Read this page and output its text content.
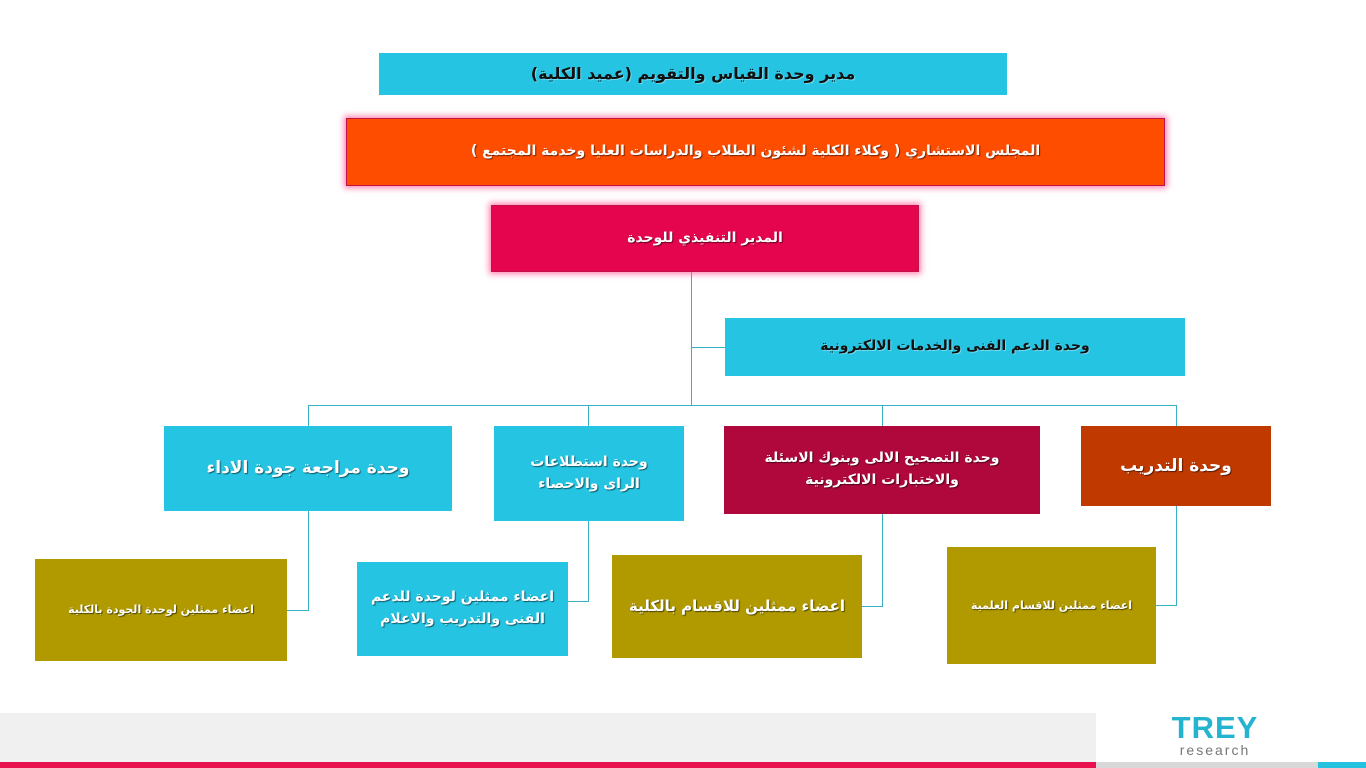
مدير وحدة القياس والتقويم (عميد الكلية)
المجلس الاستشاري ( وكلاء الكلية لشئون الطلاب والدراسات العليا وخدمة المجتمع )
المدير التنفيذي للوحدة
وحدة الدعم الفنى والخدمات الالكترونية
وحدة التدريب
وحدة التصحيح الالى وبنوك الاسئلة والاختبارات الالكترونية
وحدة استطلاعات الراى والاحصاء
وحدة مراجعة جودة الاداء
اعضاء ممثلين للاقسام العلمية
اعضاء ممثلين للاقسام بالكلية
اعضاء ممثلين لوحدة للدعم الفنى والتدريب والاعلام
اعضاء ممثلين لوحدة الجودة بالكلية
TREY
research
